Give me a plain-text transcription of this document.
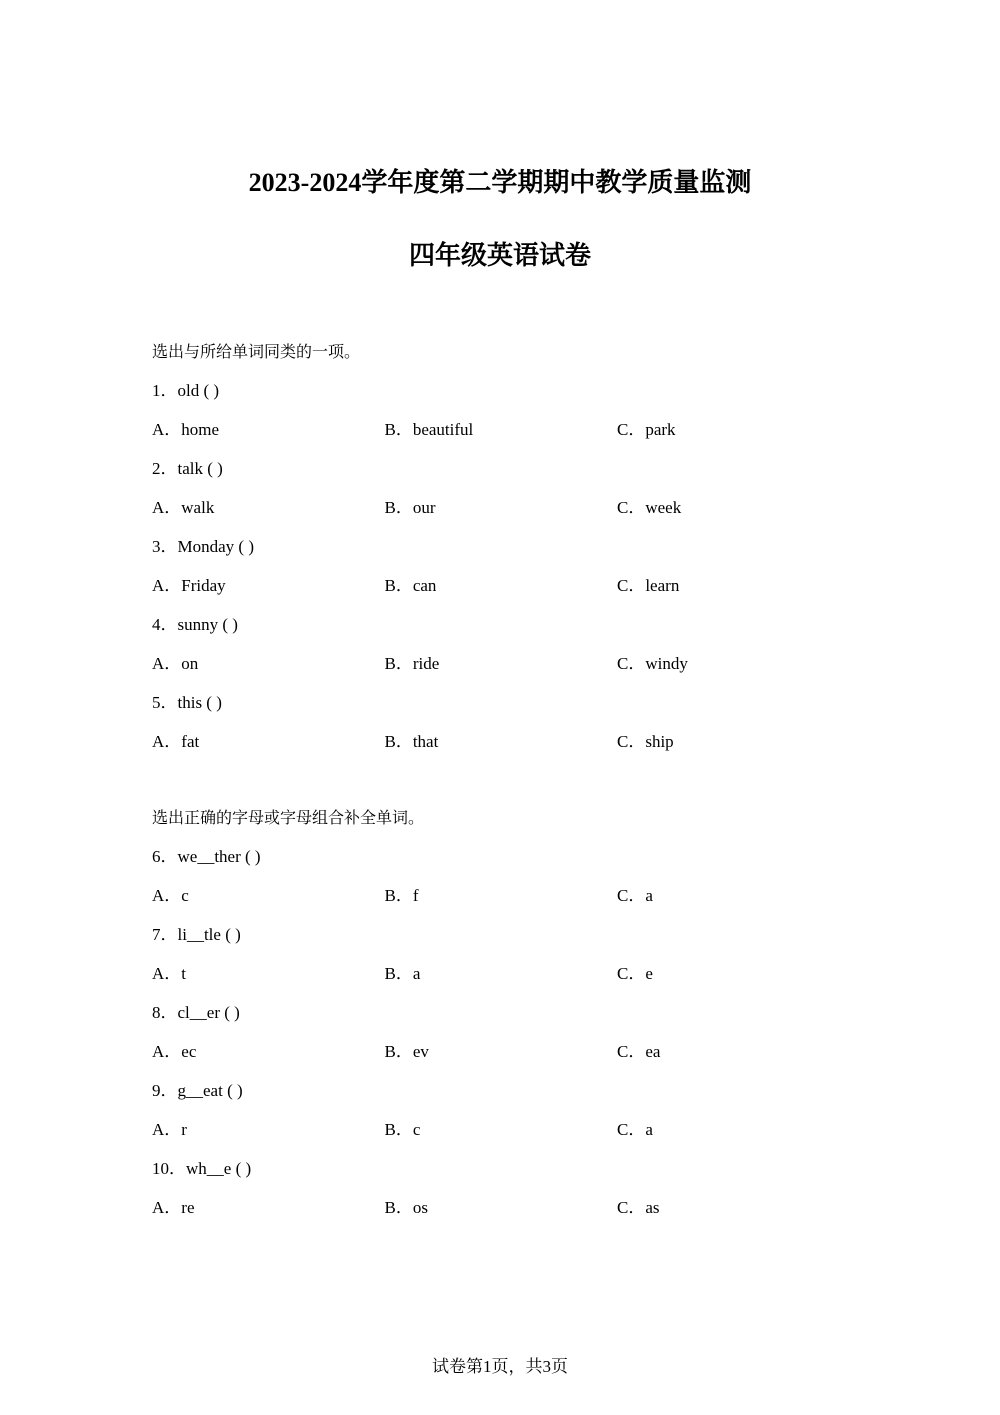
2023-2024学年度第二学期期中教学质量监测
四年级英语试卷
选出与所给单词同类的一项。
1．old ( )
A．home	B．beautiful	C．park
2．talk ( )
A．walk	B．our	C．week
3．Monday ( )
A．Friday	B．can	C．learn
4．sunny ( )
A．on	B．ride	C．windy
5．this ( )
A．fat	B．that	C．ship
选出正确的字母或字母组合补全单词。
6．we__ther ( )
A．c	B．f	C．a
7．li__tle ( )
A．t	B．a	C．e
8．cl__er ( )
A．ec	B．ev	C．ea
9．g__eat ( )
A．r	B．c	C．a
10．wh__e ( )
A．re	B．os	C．as
试卷第1页，共3页
